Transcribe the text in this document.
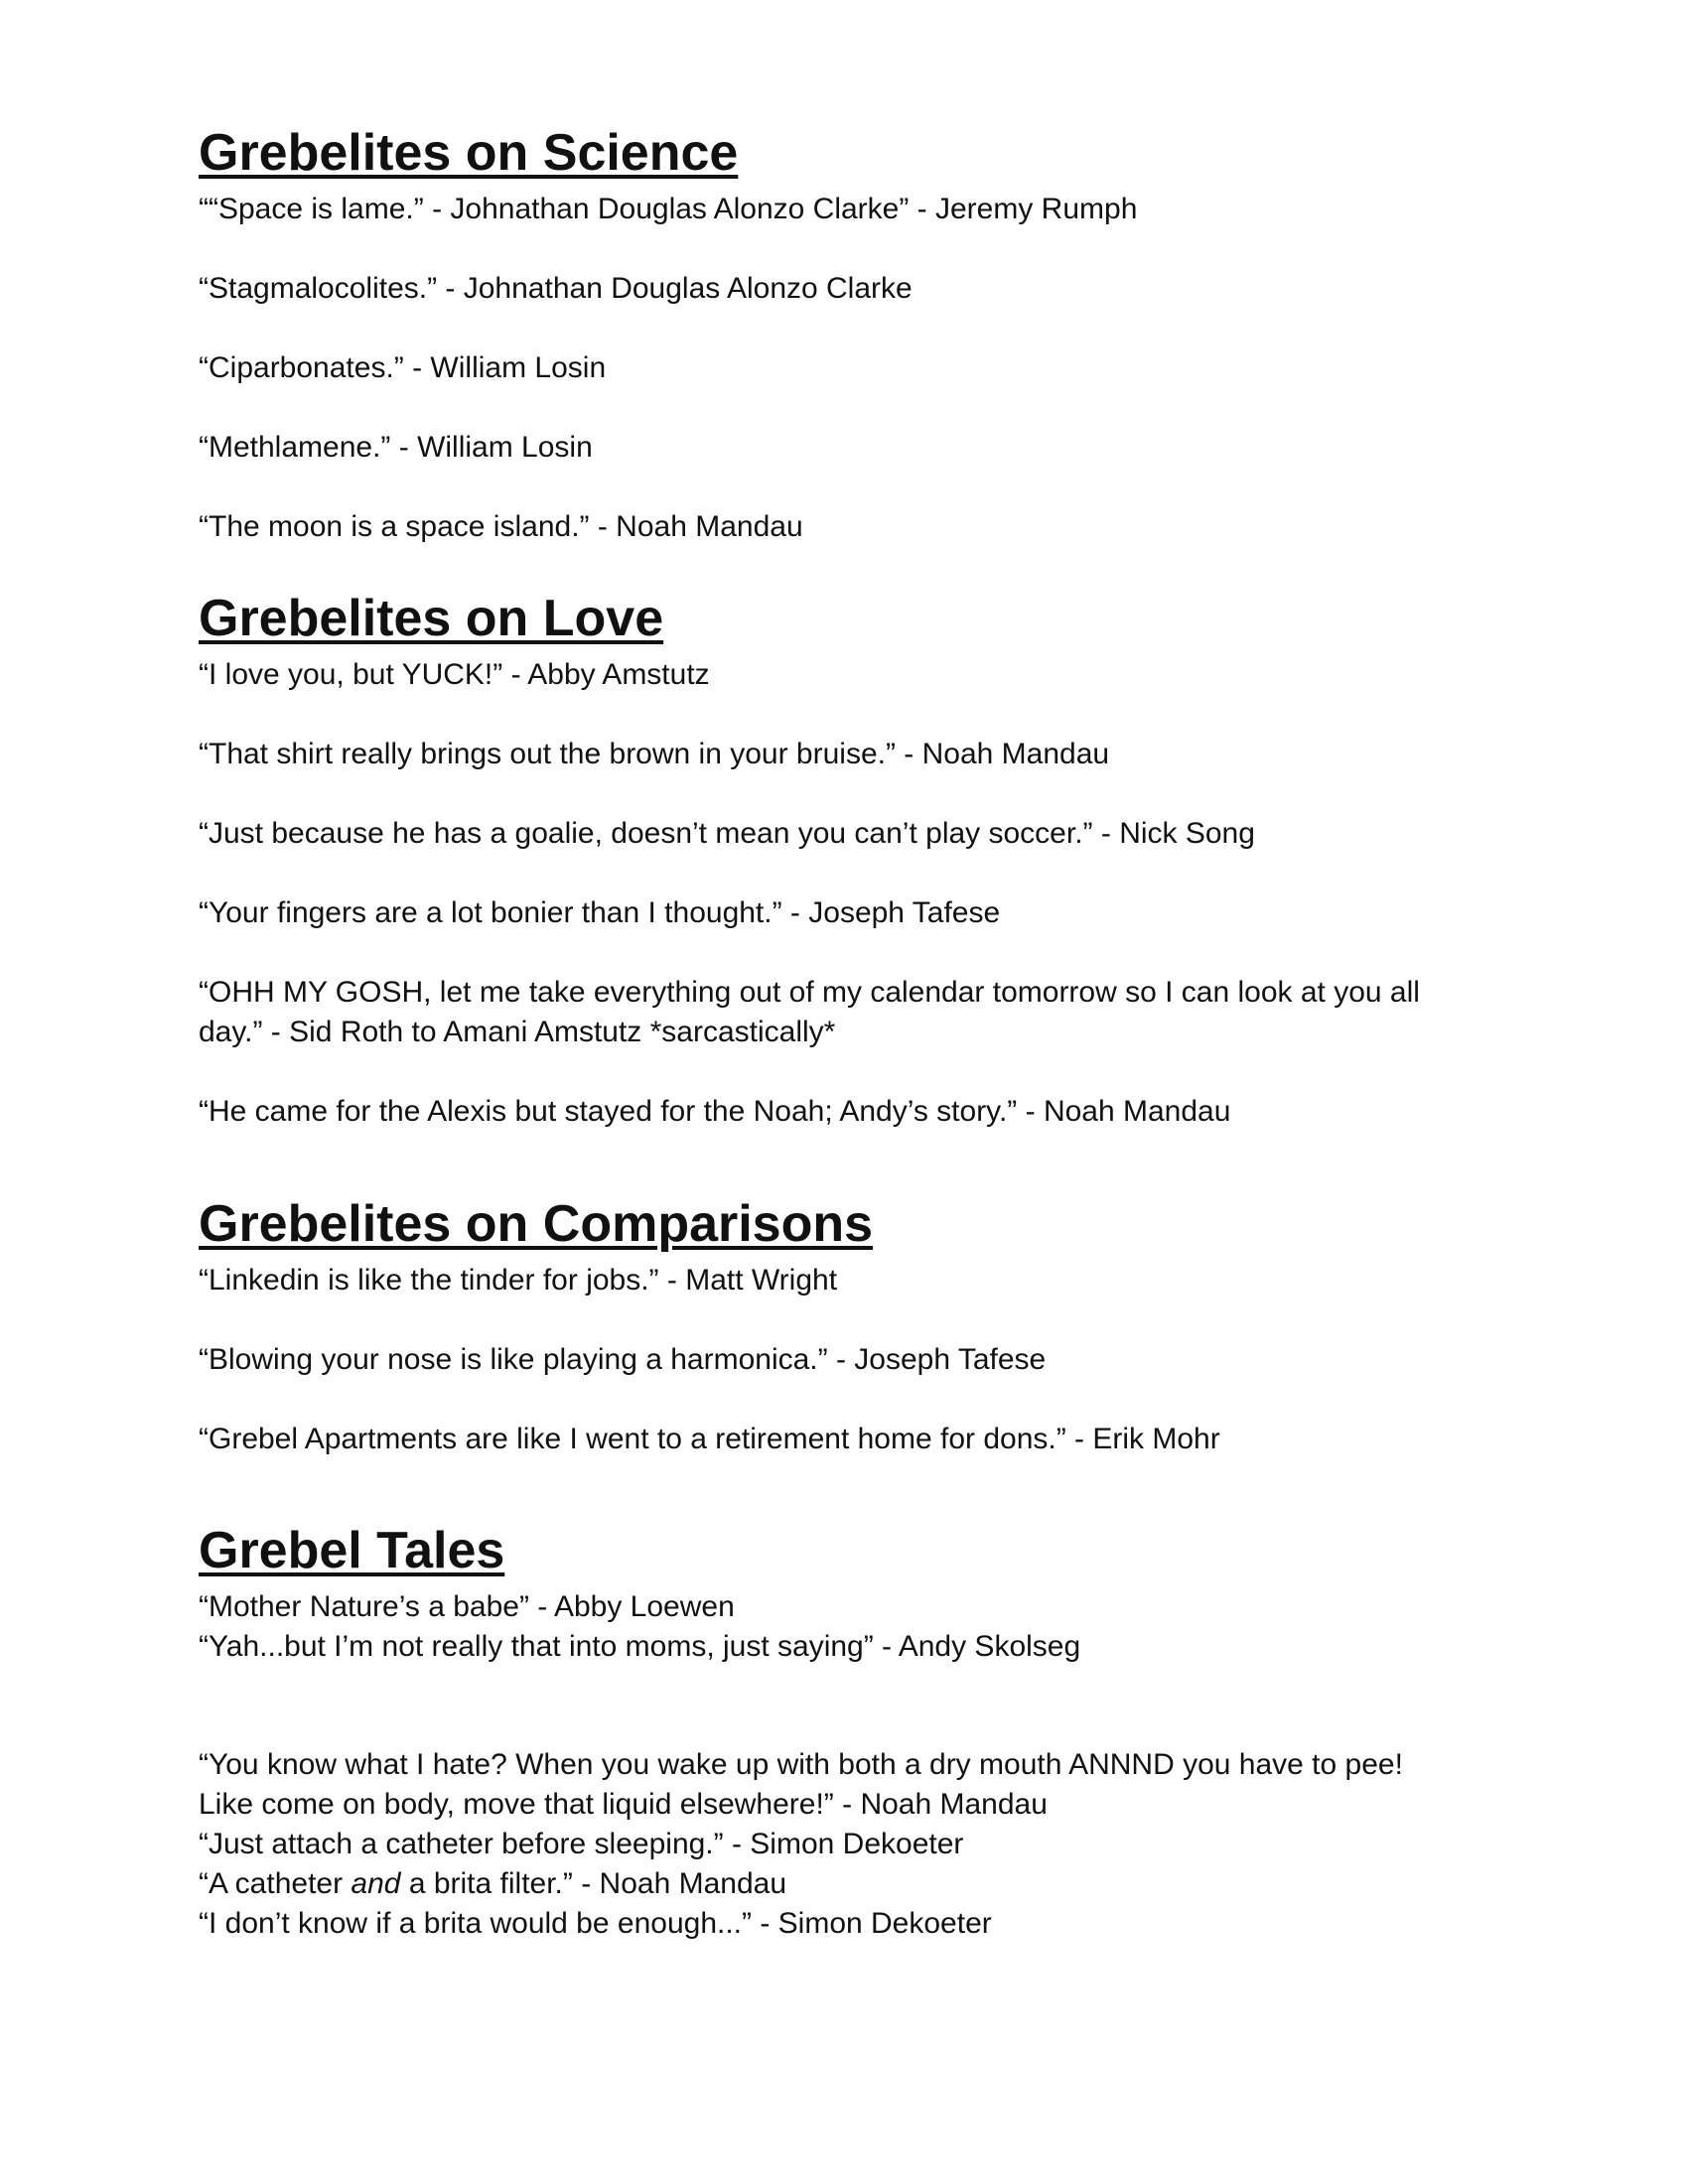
Grebelites on Science

““Space is lame.” - Johnathan Douglas Alonzo Clarke” - Jeremy Rumph

“Stagmalocolites.” - Johnathan Douglas Alonzo Clarke

“Ciparbonates.” - William Losin

“Methlamene.” - William Losin

“The moon is a space island.” - Noah Mandau

Grebelites on Love

“I love you, but YUCK!” - Abby Amstutz

“That shirt really brings out the brown in your bruise.” - Noah Mandau

“Just because he has a goalie, doesn’t mean you can’t play soccer.” - Nick Song

“Your fingers are a lot bonier than I thought.” - Joseph Tafese

“OHH MY GOSH, let me take everything out of my calendar tomorrow so I can look at you all

day.” - Sid Roth to Amani Amstutz *sarcastically*

“He came for the Alexis but stayed for the Noah; Andy’s story.” - Noah Mandau

Grebelites on Comparisons

“Linkedin is like the tinder for jobs.” - Matt Wright

“Blowing your nose is like playing a harmonica.” - Joseph Tafese

“Grebel Apartments are like I went to a retirement home for dons.” - Erik Mohr

Grebel Tales

“Mother Nature’s a babe” - Abby Loewen

“Yah...but I’m not really that into moms, just saying” - Andy Skolseg

“You know what I hate? When you wake up with both a dry mouth ANNND you have to pee!

Like come on body, move that liquid elsewhere!” - Noah Mandau

“Just attach a catheter before sleeping.” - Simon Dekoeter

“A catheter and a brita filter.” - Noah Mandau

“I don’t know if a brita would be enough...” - Simon Dekoeter
